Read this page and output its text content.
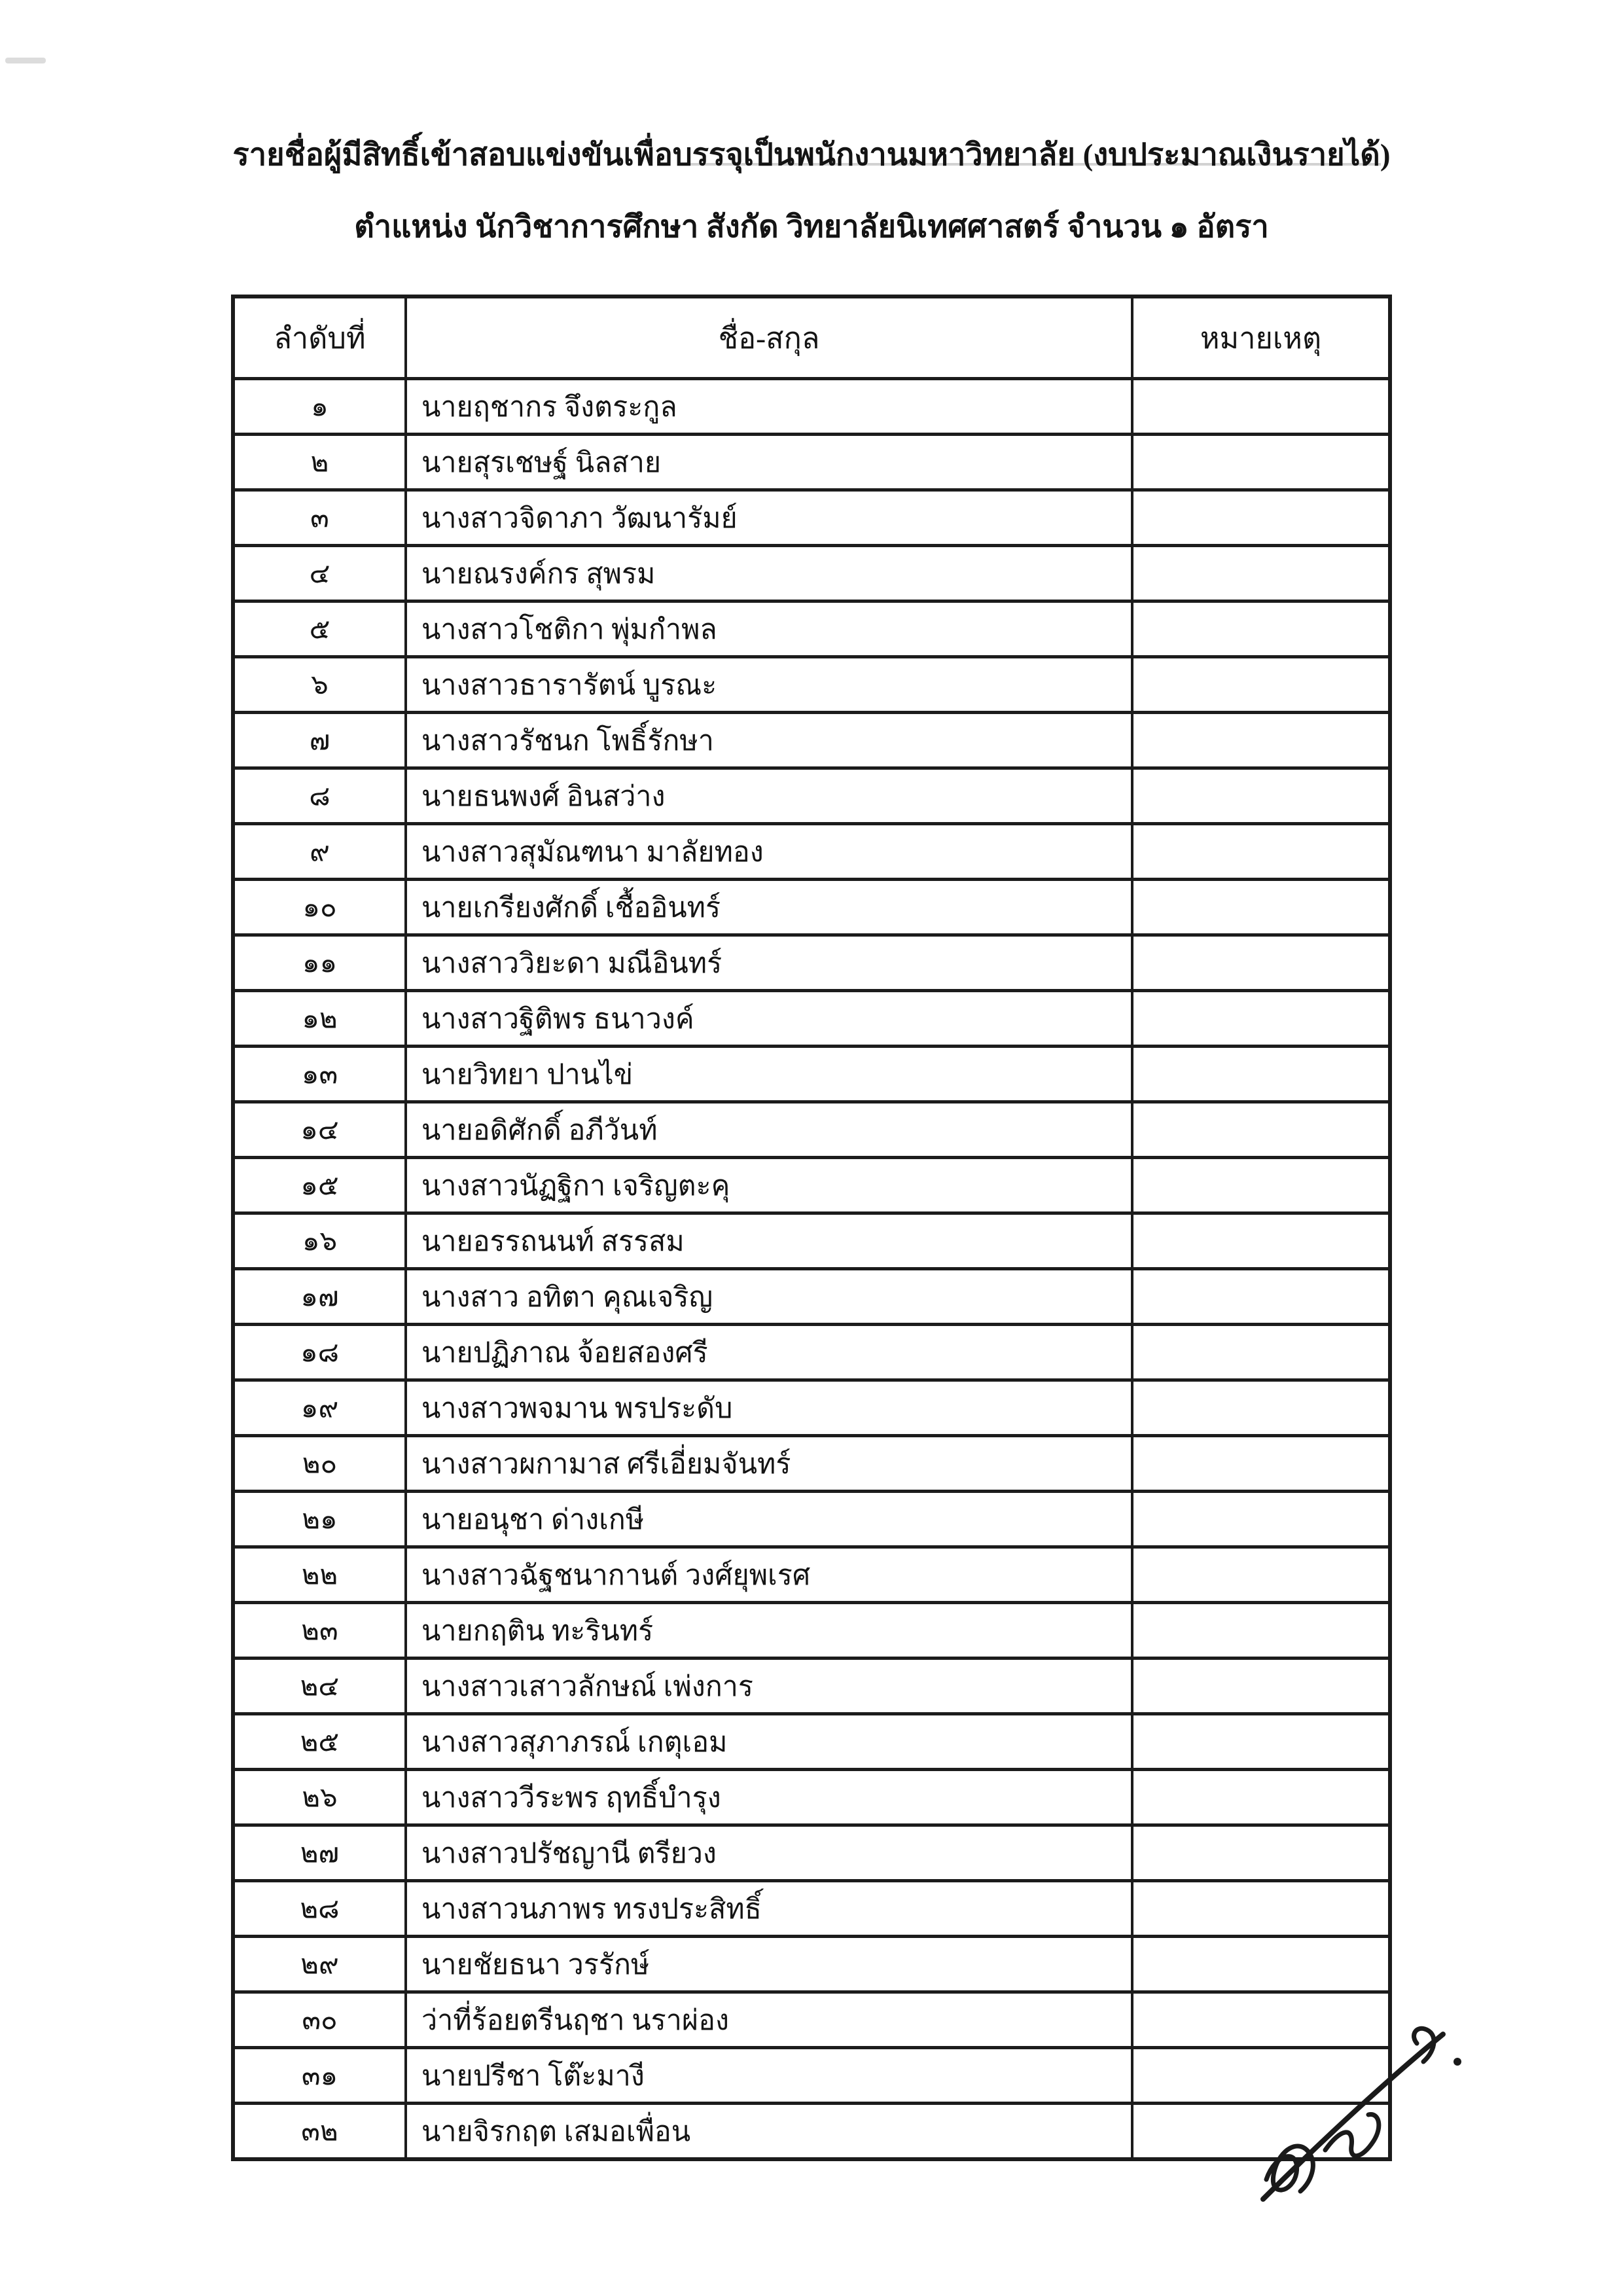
รายชื่อผู้มีสิทธิ์เข้าสอบแข่งขันเพื่อบรรจุเป็นพนักงานมหาวิทยาลัย (งบประมาณเงินรายได้)
ตำแหน่ง นักวิชาการศึกษา สังกัด วิทยาลัยนิเทศศาสตร์ จำนวน ๑ อัตรา
ลำดับที่	ชื่อ-สกุล	หมายเหตุ
๑	นายฤชากร จึงตระกูล
๒	นายสุรเชษฐ์ นิลสาย
๓	นางสาวจิดาภา วัฒนารัมย์
๔	นายณรงค์กร สุพรม
๕	นางสาวโชติกา พุ่มกำพล
๖	นางสาวธารารัตน์ บูรณะ
๗	นางสาวรัชนก โพธิ์รักษา
๘	นายธนพงศ์ อินสว่าง
๙	นางสาวสุมัณฑนา มาลัยทอง
๑๐	นายเกรียงศักดิ์ เชื้ออินทร์
๑๑	นางสาววิยะดา มณีอินทร์
๑๒	นางสาวฐิติพร ธนาวงค์
๑๓	นายวิทยา ปานไข่
๑๔	นายอดิศักดิ์ อภีวันท์
๑๕	นางสาวนัฏฐิกา เจริญตะคุ
๑๖	นายอรรถนนท์ สรรสม
๑๗	นางสาว อทิตา คุณเจริญ
๑๘	นายปฏิภาณ จ้อยสองศรี
๑๙	นางสาวพจมาน พรประดับ
๒๐	นางสาวผกามาส ศรีเอี่ยมจันทร์
๒๑	นายอนุชา ด่างเกษี
๒๒	นางสาวฉัฐชนากานต์ วงศ์ยุพเรศ
๒๓	นายกฤติน ทะรินทร์
๒๔	นางสาวเสาวลักษณ์ เพ่งการ
๒๕	นางสาวสุภาภรณ์ เกตุเอม
๒๖	นางสาววีระพร ฤทธิ์บำรุง
๒๗	นางสาวปรัชญานี ตรียวง
๒๘	นางสาวนภาพร ทรงประสิทธิ์
๒๙	นายชัยธนา วรรักษ์
๓๐	ว่าที่ร้อยตรีนฤชา นราผ่อง
๓๑	นายปรีชา โต๊ะมางี
๓๒	นายจิรกฤต เสมอเพื่อน
